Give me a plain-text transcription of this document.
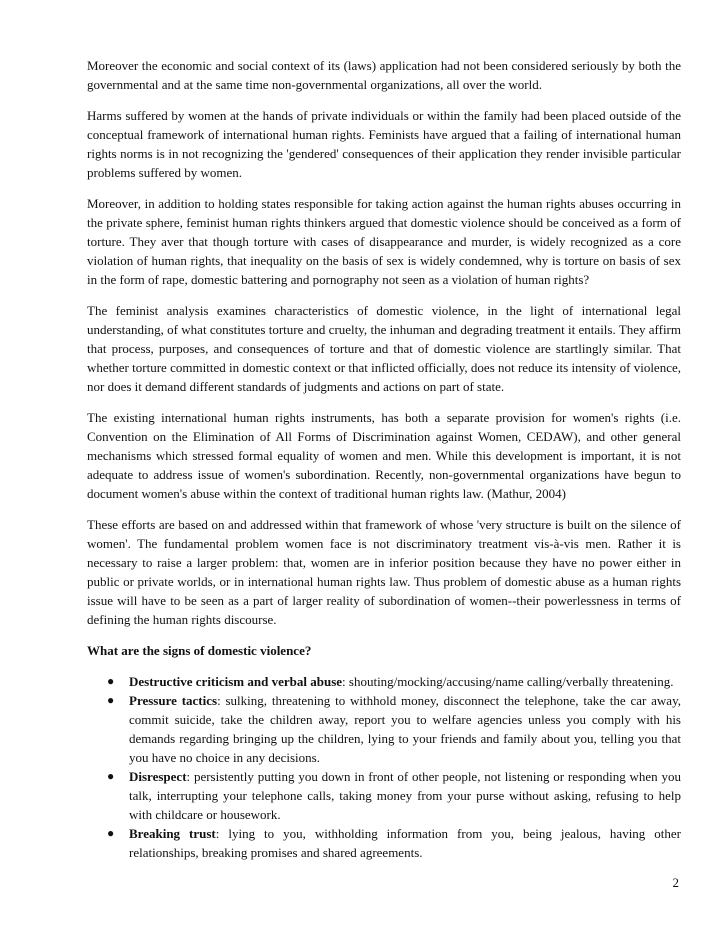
Moreover the economic and social context of its (laws) application had not been considered seriously by both the governmental and at the same time non-governmental organizations, all over the world.

Harms suffered by women at the hands of private individuals or within the family had been placed outside of the conceptual framework of international human rights. Feminists have argued that a failing of international human rights norms is in not recognizing the 'gendered' consequences of their application they render invisible particular problems suffered by women.

Moreover, in addition to holding states responsible for taking action against the human rights abuses occurring in the private sphere, feminist human rights thinkers argued that domestic violence should be conceived as a form of torture. They aver that though torture with cases of disappearance and murder, is widely recognized as a core violation of human rights, that inequality on the basis of sex is widely condemned, why is torture on basis of sex in the form of rape, domestic battering and pornography not seen as a violation of human rights?

The feminist analysis examines characteristics of domestic violence, in the light of international legal understanding, of what constitutes torture and cruelty, the inhuman and degrading treatment it entails. They affirm that process, purposes, and consequences of torture and that of domestic violence are startlingly similar. That whether torture committed in domestic context or that inflicted officially, does not reduce its intensity of violence, nor does it demand different standards of judgments and actions on part of state.

The existing international human rights instruments, has both a separate provision for women's rights (i.e. Convention on the Elimination of All Forms of Discrimination against Women, CEDAW), and other general mechanisms which stressed formal equality of women and men. While this development is important, it is not adequate to address issue of women's subordination. Recently, non-governmental organizations have begun to document women's abuse within the context of traditional human rights law. (Mathur, 2004)

These efforts are based on and addressed within that framework of whose 'very structure is built on the silence of women'. The fundamental problem women face is not discriminatory treatment vis-à-vis men. Rather it is necessary to raise a larger problem: that, women are in inferior position because they have no power either in public or private worlds, or in international human rights law. Thus problem of domestic abuse as a human rights issue will have to be seen as a part of larger reality of subordination of women--their powerlessness in terms of defining the human rights discourse.

What are the signs of domestic violence?
● Destructive criticism and verbal abuse: shouting/mocking/accusing/name calling/verbally threatening.
● Pressure tactics: sulking, threatening to withhold money, disconnect the telephone, take the car away, commit suicide, take the children away, report you to welfare agencies unless you comply with his demands regarding bringing up the children, lying to your friends and family about you, telling you that you have no choice in any decisions.
● Disrespect: persistently putting you down in front of other people, not listening or responding when you talk, interrupting your telephone calls, taking money from your purse without asking, refusing to help with childcare or housework.
● Breaking trust: lying to you, withholding information from you, being jealous, having other relationships, breaking promises and shared agreements.
2
